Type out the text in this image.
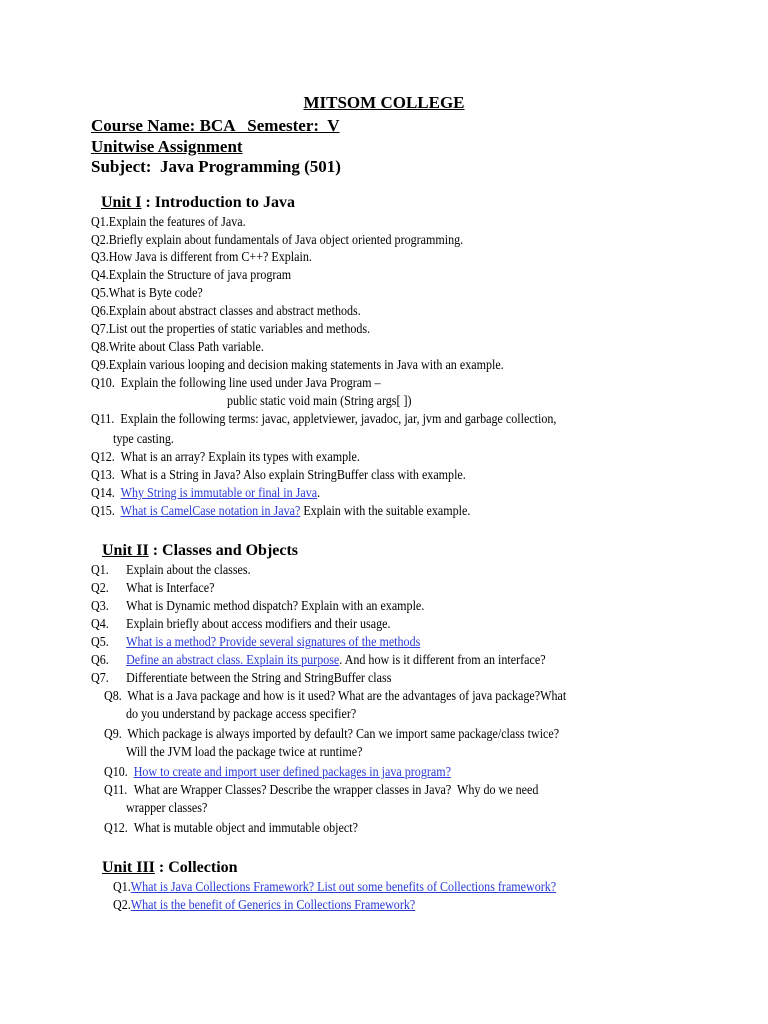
MITSOM COLLEGE
Course Name: BCA   Semester:  V
Unitwise Assignment
Subject:  Java Programming (501)
Unit I : Introduction to Java
Q1.Explain the features of Java.
Q2.Briefly explain about fundamentals of Java object oriented programming.
Q3.How Java is different from C++? Explain.
Q4.Explain the Structure of java program
Q5.What is Byte code?
Q6.Explain about abstract classes and abstract methods.
Q7.List out the properties of static variables and methods.
Q8.Write about Class Path variable.
Q9.Explain various looping and decision making statements in Java with an example.
Q10.  Explain the following line used under Java Program –
public static void main (String args[ ])
Q11.  Explain the following terms: javac, appletviewer, javadoc, jar, jvm and garbage collection,
type casting.
Q12.  What is an array? Explain its types with example.
Q13.  What is a String in Java? Also explain StringBuffer class with example.
Q14. Why String is immutable or final in Java.
Q15. What is CamelCase notation in Java? Explain with the suitable example.
Unit II : Classes and Objects
Q1. Explain about the classes.
Q2. What is Interface?
Q3. What is Dynamic method dispatch? Explain with an example.
Q4. Explain briefly about access modifiers and their usage.
Q5. What is a method? Provide several signatures of the methods
Q6. Define an abstract class. Explain its purpose. And how is it different from an interface?
Q7. Differentiate between the String and StringBuffer class
Q8. What is a Java package and how is it used? What are the advantages of java package?What
do you understand by package access specifier?
Q9. Which package is always imported by default? Can we import same package/class twice?
Will the JVM load the package twice at runtime?
Q10. How to create and import user defined packages in java program?
Q11. What are Wrapper Classes? Describe the wrapper classes in Java?  Why do we need
wrapper classes?
Q12. What is mutable object and immutable object?
Unit III : Collection
Q1.What is Java Collections Framework? List out some benefits of Collections framework?
Q2.What is the benefit of Generics in Collections Framework?
